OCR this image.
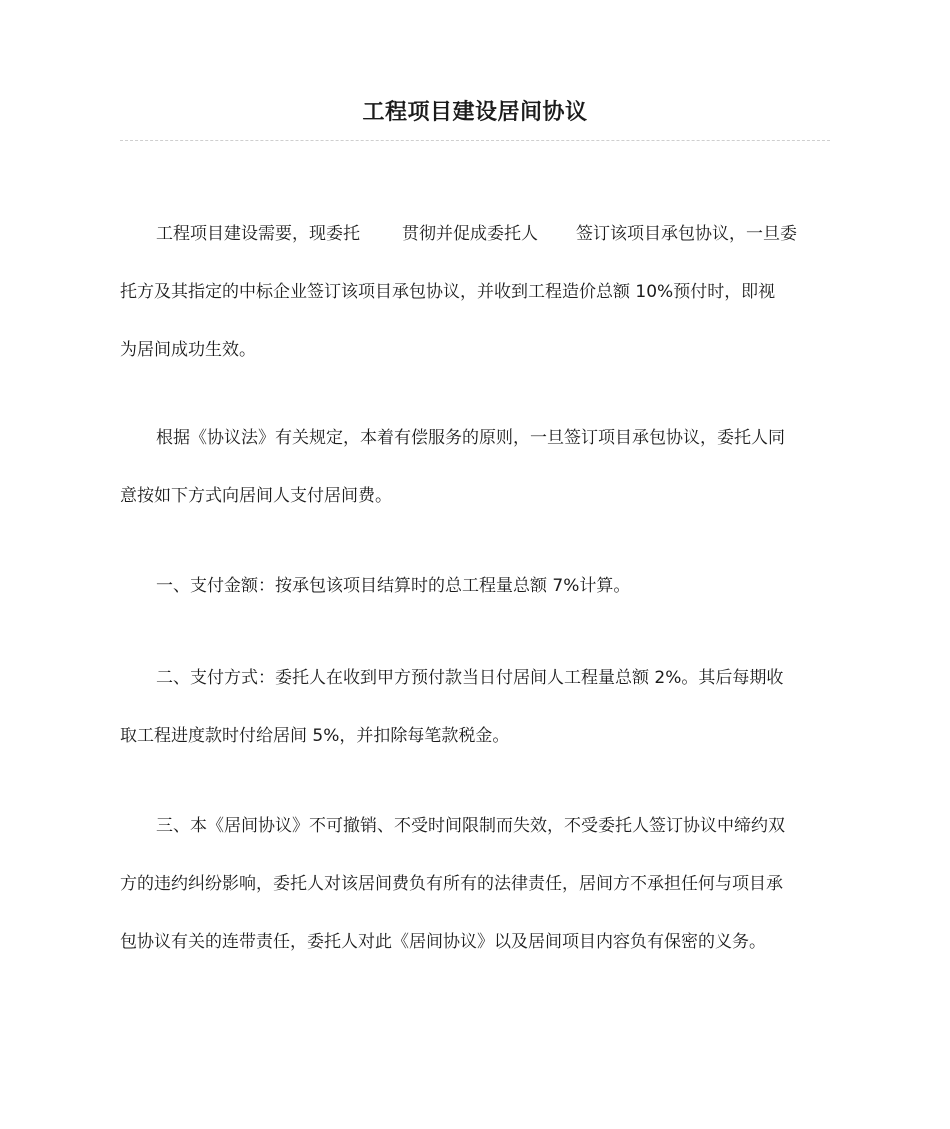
工程项目建设居间协议

工程项目建设需要，现委托 贯彻并促成委托人 签订该项目承包协议，一旦委
托方及其指定的中标企业签订该项目承包协议，并收到工程造价总额 10%预付时，即视
为居间成功生效。

根据《协议法》有关规定，本着有偿服务的原则，一旦签订项目承包协议，委托人同
意按如下方式向居间人支付居间费。

一、支付金额：按承包该项目结算时的总工程量总额 7%计算。

二、支付方式：委托人在收到甲方预付款当日付居间人工程量总额 2%。其后每期收
取工程进度款时付给居间 5%，并扣除每笔款税金。

三、本《居间协议》不可撤销、不受时间限制而失效，不受委托人签订协议中缔约双
方的违约纠纷影响，委托人对该居间费负有所有的法律责任，居间方不承担任何与项目承
包协议有关的连带责任，委托人对此《居间协议》以及居间项目内容负有保密的义务。
